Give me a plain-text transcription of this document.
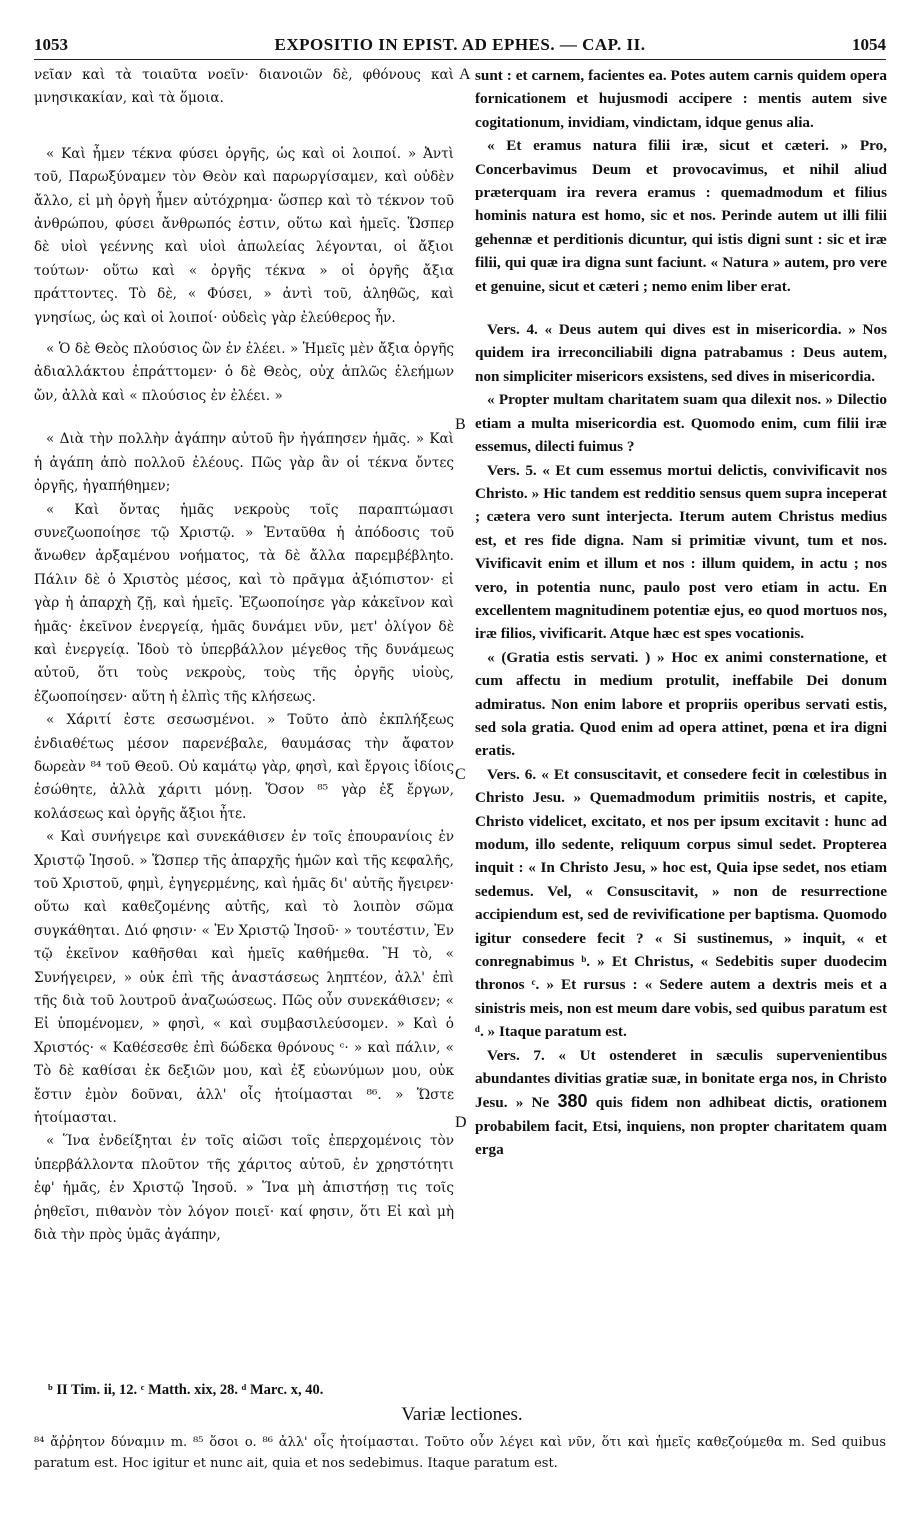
1053	EXPOSITIO IN EPIST. AD EPHES. — CAP. II.	1054

νεῖαν καὶ τὰ τοιαῦτα νοεῖν· διανοιῶν δὲ, φθόνους καὶ μνησικακίαν, καὶ τὰ ὅμοια.

« Καὶ ἦμεν τέκνα φύσει ὀργῆς, ὡς καὶ οἱ λοιποί. » Ἀντὶ τοῦ, Παρωξύναμεν τὸν Θεὸν καὶ παρωργίσαμεν, καὶ οὐδὲν ἄλλο, εἰ μὴ ὀργὴ ἦμεν αὐτόχρημα· ὥσπερ καὶ τὸ τέκνον τοῦ ἀνθρώπου, φύσει ἄνθρωπός ἐστιν, οὕτω καὶ ἡμεῖς. Ὥσπερ δὲ υἱοὶ γεέννης καὶ υἱοὶ ἀπωλείας λέγονται, οἱ ἄξιοι τούτων· οὕτω καὶ « ὀργῆς τέκνα » οἱ ὀργῆς ἄξια πράττοντες. Τὸ δὲ, « Φύσει, » ἀντὶ τοῦ, ἀληθῶς, καὶ γνησίως, ὡς καὶ οἱ λοιποί· οὐδεὶς γὰρ ἐλεύθερος ἦν.

« Ὁ δὲ Θεὸς πλούσιος ὢν ἐν ἐλέει. » Ἡμεῖς μὲν ἄξια ὀργῆς ἀδιαλλάκτου ἐπράττομεν· ὁ δὲ Θεὸς, οὐχ ἁπλῶς ἐλεήμων ὤν, ἀλλὰ καὶ « πλούσιος ἐν ἐλέει. »

« Διὰ τὴν πολλὴν ἀγάπην αὐτοῦ ἣν ἠγάπησεν ἡμᾶς. » Καὶ ἡ ἀγάπη ἀπὸ πολλοῦ ἐλέους. Πῶς γὰρ ἂν οἱ τέκνα ὄντες ὀργῆς, ἠγαπήθημεν;

« Καὶ ὄντας ἡμᾶς νεκροὺς τοῖς παραπτώμασι συνεζωοποίησε τῷ Χριστῷ. » Ἐνταῦθα ἡ ἀπόδοσις τοῦ ἄνωθεν ἀρξαμένου νοήματος, τὰ δὲ ἄλλα παρεμβέβληto. Πάλιν δὲ ὁ Χριστὸς μέσος, καὶ τὸ πρᾶγμα ἀξιόπιστον· εἰ γὰρ ἡ ἀπαρχὴ ζῇ, καὶ ἡμεῖς. Ἐζωοποίησε γὰρ κἀκεῖνον καὶ ἡμᾶς· ἐκεῖνον ἐνεργείᾳ, ἡμᾶς δυνάμει νῦν, μετ' ὀλίγον δὲ καὶ ἐνεργείᾳ. Ἰδοὺ τὸ ὑπερβάλλον μέγεθος τῆς δυνάμεως αὐτοῦ, ὅτι τοὺς νεκροὺς, τοὺς τῆς ὀργῆς υἱοὺς, ἐζωοποίησεν· αὕτη ἡ ἐλπὶς τῆς κλήσεως.

« Χάριτί ἐστε σεσωσμένοι. » Τοῦτο ἀπὸ ἐκπλήξεως ἐνδιαθέτως μέσον παρενέβαλε, θαυμάσας τὴν ἄφατον δωρεὰν ⁸⁴ τοῦ Θεοῦ. Οὐ καμάτῳ γὰρ, φησὶ, καὶ ἔργοις ἰδίοις ἐσώθητε, ἀλλὰ χάριτι μόνῃ. Ὅσον ⁸⁵ γὰρ ἐξ ἔργων, κολάσεως καὶ ὀργῆς ἄξιοι ἦτε.

« Καὶ συνήγειρε καὶ συνεκάθισεν ἐν τοῖς ἐπουρανίοις ἐν Χριστῷ Ἰησοῦ. » Ὥσπερ τῆς ἀπαρχῆς ἡμῶν καὶ τῆς κεφαλῆς, τοῦ Χριστοῦ, φημὶ, ἐγηγερμένης, καὶ ἡμᾶς δι' αὐτῆς ἤγειρεν· οὕτω καὶ καθεζομένης αὐτῆς, καὶ τὸ λοιπὸν σῶμα συγκάθηται. Διό φησιν· « Ἐν Χριστῷ Ἰησοῦ· » τουτέστιν, Ἐν τῷ ἐκεῖνον καθῆσθαι καὶ ἡμεῖς καθήμεθα. Ἢ τὸ, « Συνήγειρεν, » οὐκ ἐπὶ τῆς ἀναστάσεως ληπτέον, ἀλλ' ἐπὶ τῆς διὰ τοῦ λουτροῦ ἀναζωώσεως. Πῶς οὖν συνεκάθισεν; « Εἰ ὑπομένομεν, » φησὶ, « καὶ συμβασιλεύσομεν. » Καὶ ὁ Χριστός· « Καθέσεσθε ἐπὶ δώδεκα θρόνους ᶜ· » καὶ πάλιν, « Τὸ δὲ καθίσαι ἐκ δεξιῶν μου, καὶ ἐξ εὐωνύμων μου, οὐκ ἔστιν ἐμὸν δοῦναι, ἀλλ' οἷς ἡτοίμασται ⁸⁶. » Ὥστε ἡτοίμασται.

« Ἵνα ἐνδείξηται ἐν τοῖς αἰῶσι τοῖς ἐπερχομένοις τὸν ὑπερβάλλοντα πλοῦτον τῆς χάριτος αὐτοῦ, ἐν χρηστότητι ἐφ' ἡμᾶς, ἐν Χριστῷ Ἰησοῦ. » Ἵνα μὴ ἀπιστήσῃ τις τοῖς ῥηθεῖσι, πιθανὸν τὸν λόγον ποιεῖ· καί φησιν, ὅτι Εἰ καὶ μὴ διὰ τὴν πρὸς ὑμᾶς ἀγάπην,

sunt : et carnem, facientes ea. Potes autem carnis quidem opera fornicationem et hujusmodi accipere : mentis autem sive cogitationum, invidiam, vindictam, idque genus alia.

« Et eramus natura filii iræ, sicut et cæteri. » Pro, Concerbavimus Deum et provocavimus, et nihil aliud præterquam ira revera eramus : quemadmodum et filius hominis natura est homo, sic et nos. Perinde autem ut illi filii gehennæ et perditionis dicuntur, qui istis digni sunt : sic et iræ filii, qui quæ ira digna sunt faciunt. « Natura » autem, pro vere et genuine, sicut et cæteri ; nemo enim liber erat.

Vers. 4. « Deus autem qui dives est in misericordia. » Nos quidem ira irreconciliabili digna patrabamus : Deus autem, non simpliciter misericors exsistens, sed dives in misericordia.

« Propter multam charitatem suam qua dilexit nos. » Dilectio etiam a multa misericordia est. Quomodo enim, cum filii iræ essemus, dilecti fuimus ?

Vers. 5. « Et cum essemus mortui delictis, convivificavit nos Christo. » Hic tandem est redditio sensus quem supra inceperat ; cætera vero sunt interjecta. Iterum autem Christus medius est, et res fide digna. Nam si primitiæ vivunt, tum et nos. Vivificavit enim et illum et nos : illum quidem, in actu ; nos vero, in potentia nunc, paulo post vero etiam in actu. En excellentem magnitudinem potentiæ ejus, eo quod mortuos nos, iræ filios, vivificarit. Atque hæc est spes vocationis.

« (Gratia estis servati. ) » Hoc ex animi consternatione, et cum affectu in medium protulit, ineffabile Dei donum admiratus. Non enim labore et propriis operibus servati estis, sed sola gratia. Quod enim ad opera attinet, pœna et ira digni eratis.

Vers. 6. « Et consuscitavit, et consedere fecit in cœlestibus in Christo Jesu. » Quemadmodum primitiis nostris, et capite, Christo videlicet, excitato, et nos per ipsum excitavit : hunc ad modum, illo sedente, reliquum corpus simul sedet. Propterea inquit : « In Christo Jesu, » hoc est, Quia ipse sedet, nos etiam sedemus. Vel, « Consuscitavit, » non de resurrectione accipiendum est, sed de revivificatione per baptisma. Quomodo igitur consedere fecit ? « Si sustinemus, » inquit, « et conregnabimus ᵇ. » Et Christus, « Sedebitis super duodecim thronos ᶜ. » Et rursus : « Sedere autem a dextris meis et a sinistris meis, non est meum dare vobis, sed quibus paratum est ᵈ. » Itaque paratum est.

Vers. 7. « Ut ostenderet in sæculis supervenientibus abundantes divitias gratiæ suæ, in bonitate erga nos, in Christo Jesu. » Ne 380 quis fidem non adhibeat dictis, orationem probabilem facit, Etsi, inquiens, non propter charitatem quam erga

A
B
C
D
ᵇ II Tim. ii, 12. ᶜ Matth. xix, 28. ᵈ Marc. x, 40.
Variæ lectiones.
⁸⁴ ἄῤῥητον δύναμιν m. ⁸⁵ ὅσοι o. ⁸⁶ ἀλλ' οἷς ἡτοίμασται. Τοῦτο οὖν λέγει καὶ νῦν, ὅτι καὶ ἡμεῖς καθεζούμεθα m. Sed quibus paratum est. Hoc igitur et nunc ait, quia et nos sedebimus. Itaque paratum est.
